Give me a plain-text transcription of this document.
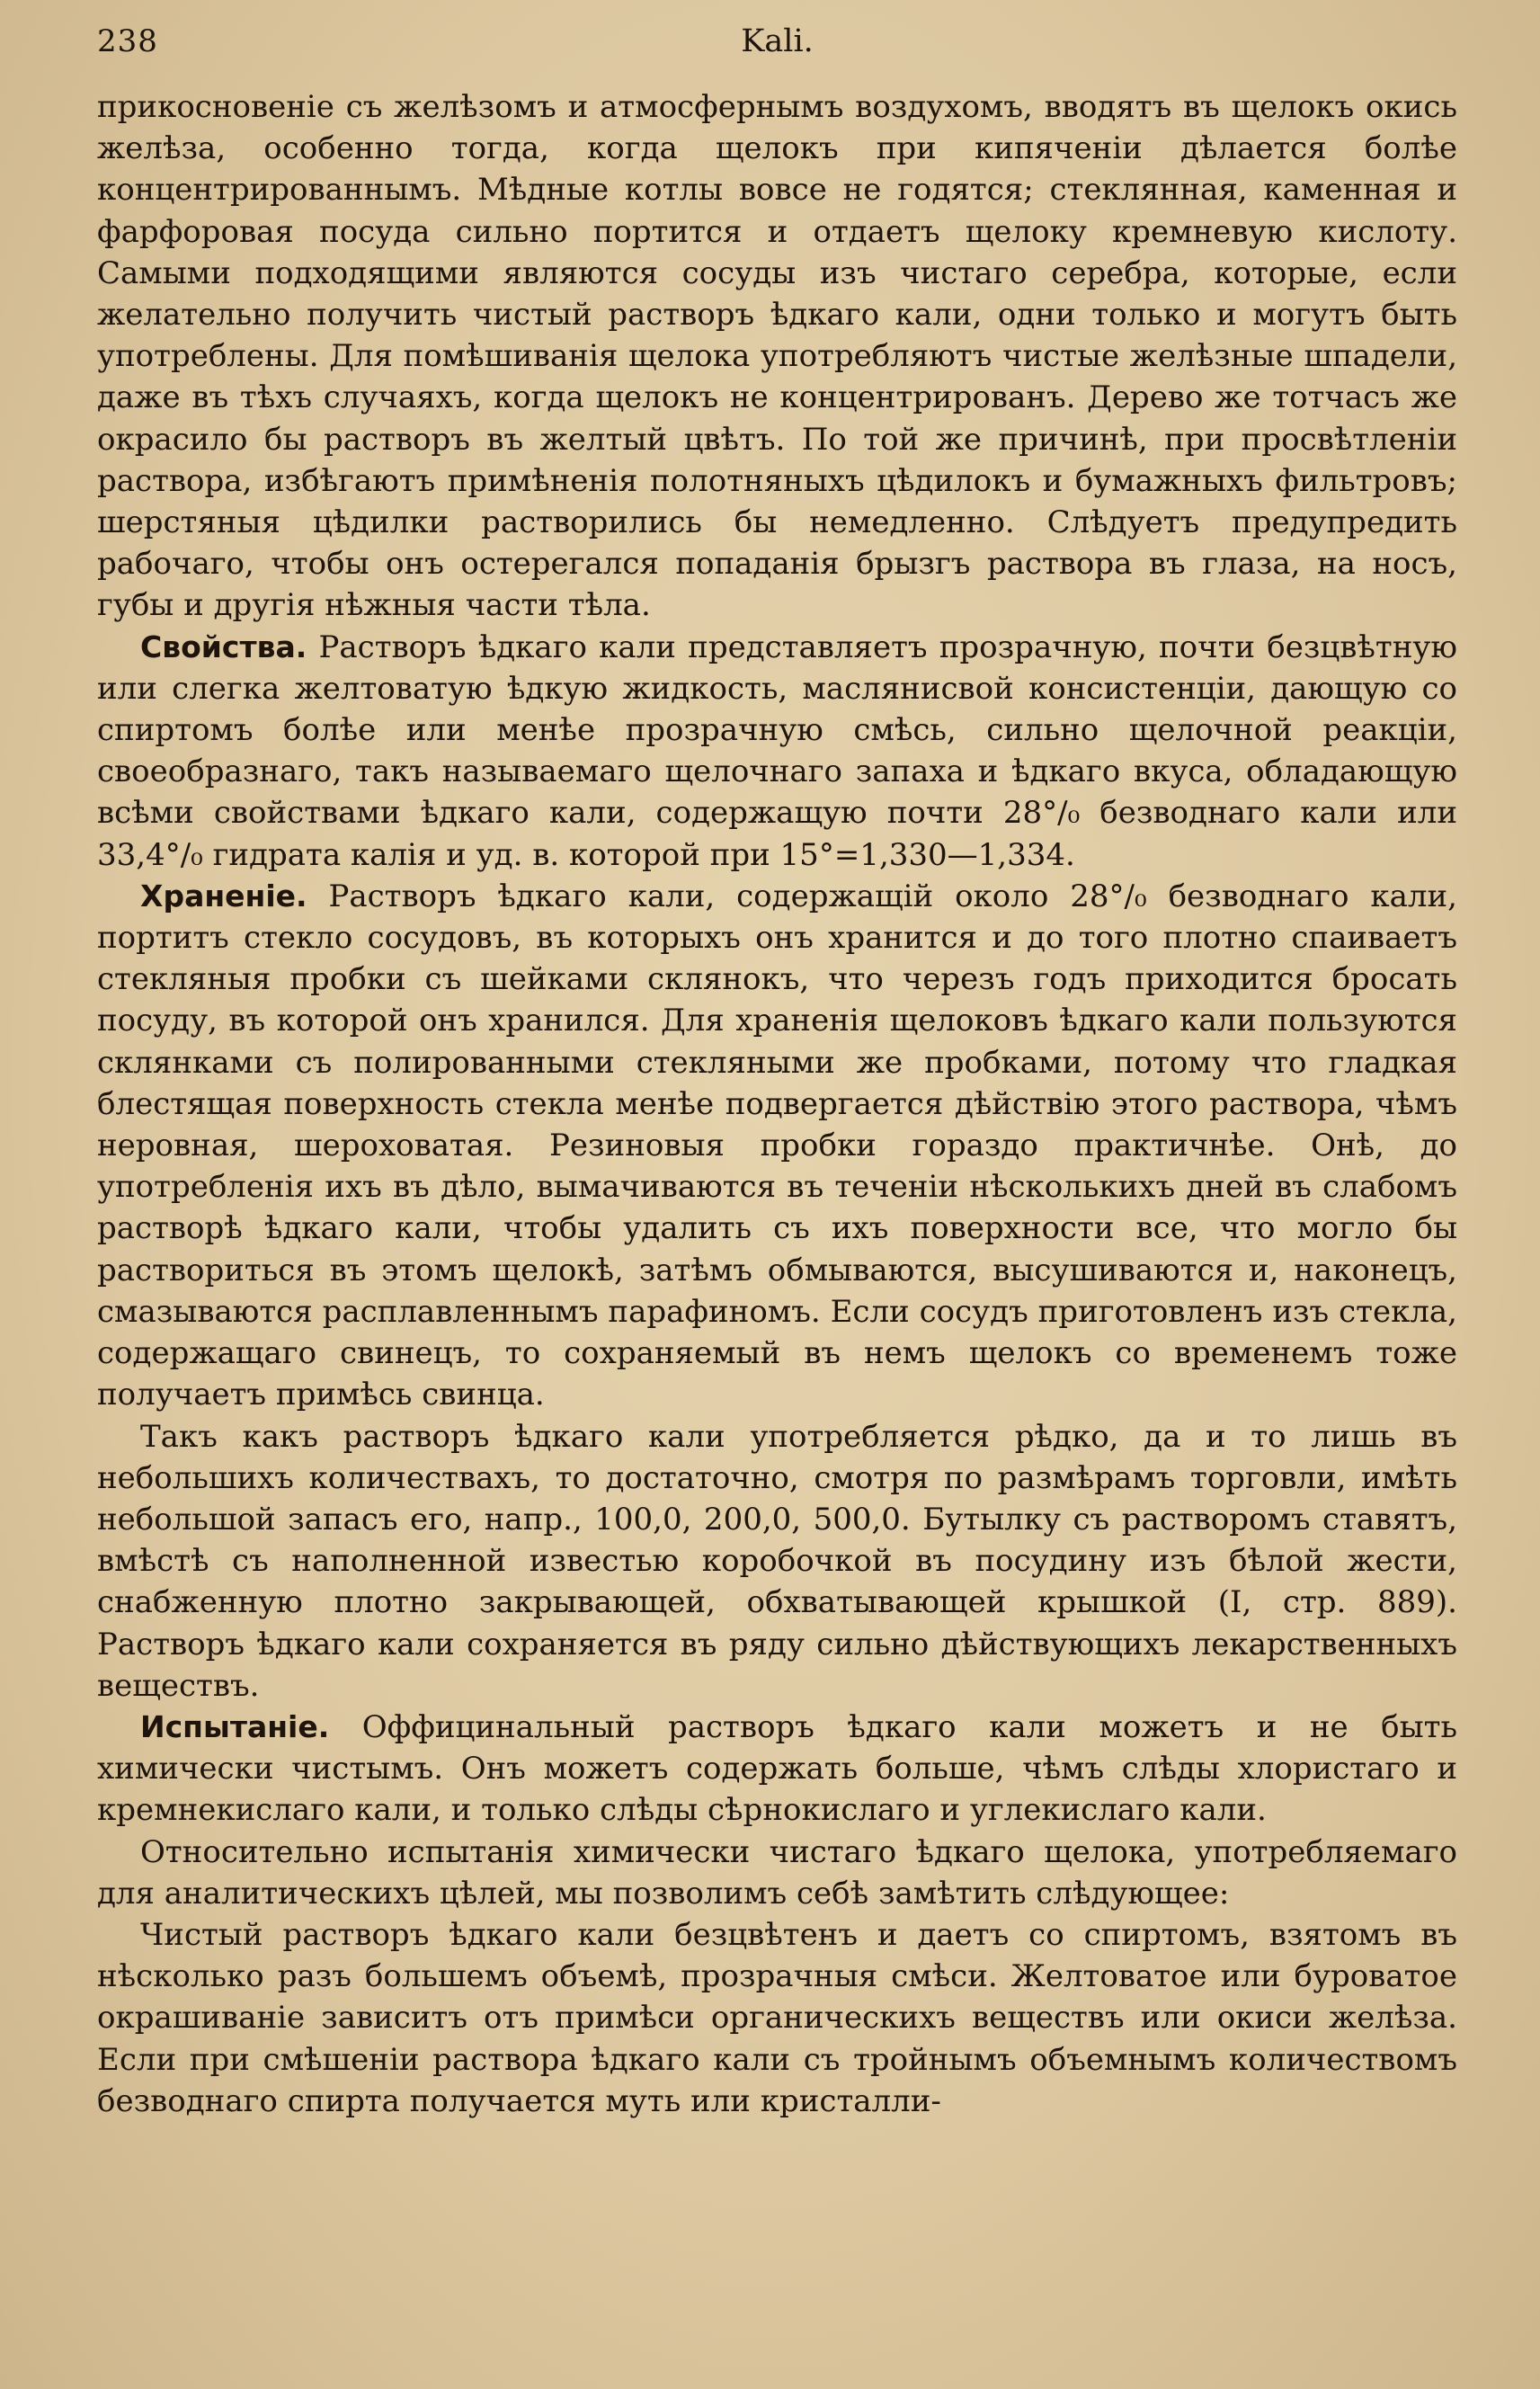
238	Kali.

прикосновенiе съ желѣзомъ и атмосфернымъ воздухомъ, вводятъ въ щелокъ окись желѣза, особенно тогда, когда щелокъ при кипяченiи дѣлается болѣе концентрированнымъ. Мѣдные котлы вовсе не годятся; стеклянная, каменная и фарфоровая посуда сильно портится и отдаетъ щелоку кремневую кислоту. Самыми подходящими являются сосуды изъ чистаго серебра, которые, если желательно получить чистый растворъ ѣдкаго кали, одни только и могутъ быть употреблены. Для помѣшиванiя щелока употребляютъ чистые желѣзные шпадели, даже въ тѣхъ случаяхъ, когда щелокъ не концентрированъ. Дерево же тотчасъ же окрасило бы растворъ въ желтый цвѣтъ. По той же причинѣ, при просвѣтленiи раствора, избѣгаютъ примѣненiя полотняныхъ цѣдилокъ и бумажныхъ фильтровъ; шерстяныя цѣдилки растворились бы немедленно. Слѣдуетъ предупредить рабочаго, чтобы онъ остерегался попаданiя брызгъ раствора въ глаза, на носъ, губы и другiя нѣжныя части тѣла.

Свойства. Растворъ ѣдкаго кали представляетъ прозрачную, почти безцвѣтную или слегка желтоватую ѣдкую жидкость, маслянисвой консистенцiи, дающую со спиртомъ болѣе или менѣе прозрачную смѣсь, сильно щелочной реакцiи, своеобразнаго, такъ называемаго щелочнаго запаха и ѣдкаго вкуса, обладающую всѣми свойствами ѣдкаго кали, содержащую почти 28°/₀ безводнаго кали или 33,4°/₀ гидрата калiя и уд. в. которой при 15°=1,330—1,334.

Храненiе. Растворъ ѣдкаго кали, содержащiй около 28°/₀ безводнаго кали, портитъ стекло сосудовъ, въ которыхъ онъ хранится и до того плотно спаиваетъ стекляныя пробки съ шейками склянокъ, что черезъ годъ приходится бросать посуду, въ которой онъ хранился. Для храненiя щелоковъ ѣдкаго кали пользуются склянками съ полированными стекляными же пробками, потому что гладкая блестящая поверхность стекла менѣе подвергается дѣйствiю этого раствора, чѣмъ неровная, шероховатая. Резиновыя пробки гораздо практичнѣе. Онѣ, до употребленiя ихъ въ дѣло, вымачиваются въ теченiи нѣсколькихъ дней въ слабомъ растворѣ ѣдкаго кали, чтобы удалить съ ихъ поверхности все, что могло бы раствориться въ этомъ щелокѣ, затѣмъ обмываются, высушиваются и, наконецъ, смазываются расплавленнымъ парафиномъ. Если сосудъ приготовленъ изъ стекла, содержащаго свинецъ, то сохраняемый въ немъ щелокъ со временемъ тоже получаетъ примѣсь свинца.

Такъ какъ растворъ ѣдкаго кали употребляется рѣдко, да и то лишь въ небольшихъ количествахъ, то достаточно, смотря по размѣрамъ торговли, имѣть небольшой запасъ его, напр., 100,0, 200,0, 500,0. Бутылку съ растворомъ ставятъ, вмѣстѣ съ наполненной известью коробочкой въ посудину изъ бѣлой жести, снабженную плотно закрывающей, обхватывающей крышкой (I, стр. 889). Растворъ ѣдкаго кали сохраняется въ ряду сильно дѣйствующихъ лекарственныхъ веществъ.

Испытанiе. Оффицинальный растворъ ѣдкаго кали можетъ и не быть химически чистымъ. Онъ можетъ содержать больше, чѣмъ слѣды хлористаго и кремнекислаго кали, и только слѣды сѣрнокислаго и углекислаго кали.

Относительно испытанiя химически чистаго ѣдкаго щелока, употребляемаго для аналитическихъ цѣлей, мы позволимъ себѣ замѣтить слѣдующее:

Чистый растворъ ѣдкаго кали безцвѣтенъ и даетъ со спиртомъ, взятомъ въ нѣсколько разъ большемъ объемѣ, прозрачныя смѣси. Желтоватое или буроватое окрашиванiе зависитъ отъ примѣси органическихъ веществъ или окиси желѣза. Если при смѣшенiи раствора ѣдкаго кали съ тройнымъ объемнымъ количествомъ безводнаго спирта получается муть или кристалли-
